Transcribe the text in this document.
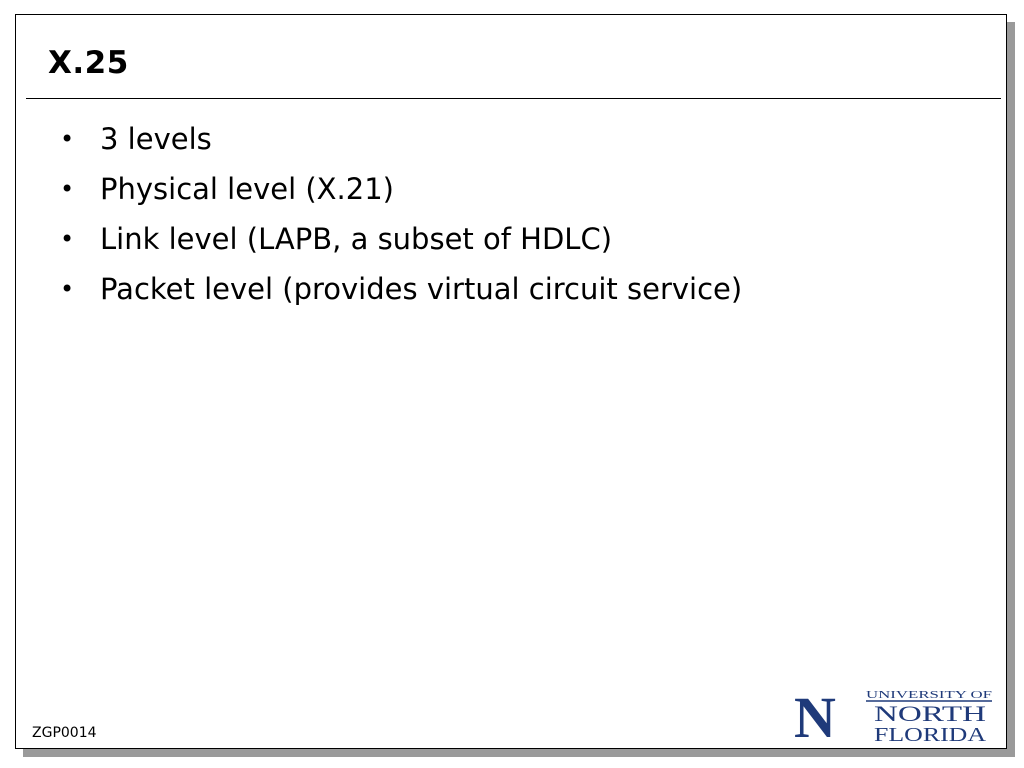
X.25
• 3 levels
• Physical level (X.21)
• Link level (LAPB, a subset of HDLC)
• Packet level (provides virtual circuit service)
ZGP0014	N	UNIVERSITY OF
NORTH
FLORIDA
